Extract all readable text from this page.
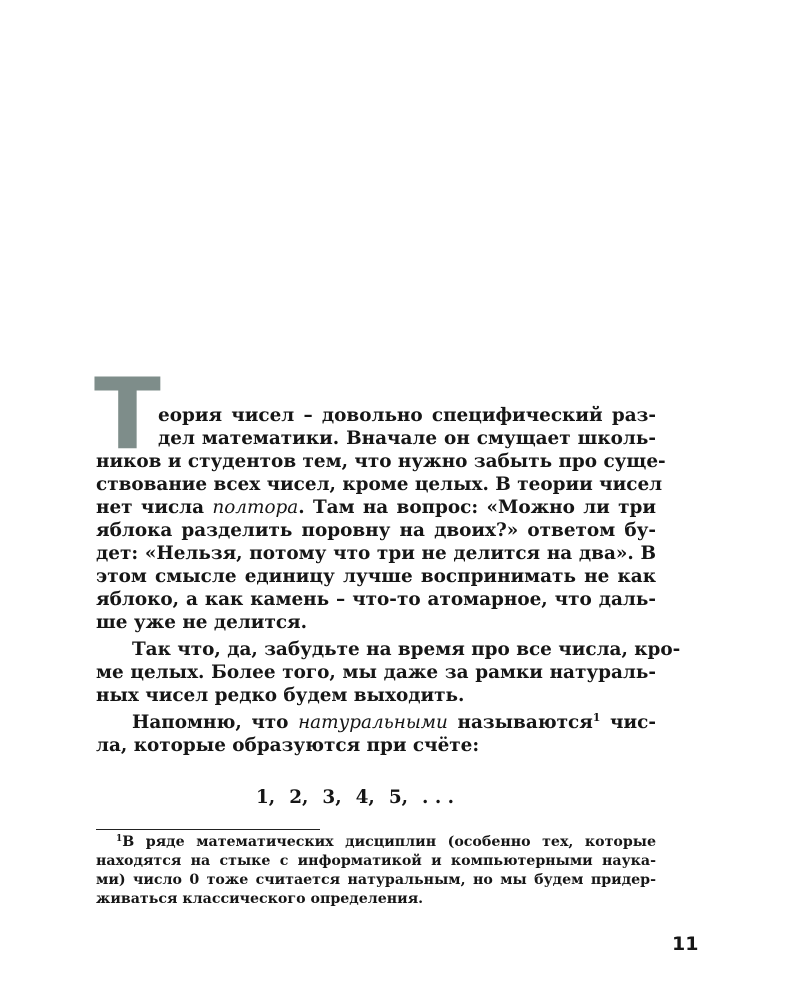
Т
еория чисел – довольно специфический раз-
дел математики. Вначале он смущает школь-
ников и студентов тем, что нужно забыть про суще-
ствование всех чисел, кроме целых. В теории чисел
нет числа полтора. Там на вопрос: «Можно ли три
яблока разделить поровну на двоих?» ответом бу-
дет: «Нельзя, потому что три не делится на два». В
этом смысле единицу лучше воспринимать не как
яблоко, а как камень – что-то атомарное, что даль-
ше уже не делится.
Так что, да, забудьте на время про все числа, кро-
ме целых. Более того, мы даже за рамки натураль-
ных чисел редко будем выходить.
Напомню, что натуральными называются$^1$ чис-
ла, которые образуются при счёте:
1, 2, 3, 4, 5, . . .
$^1$В ряде математических дисциплин (особенно тех, которые
находятся на стыке с информатикой и компьютерными наука-
ми) число 0 тоже считается натуральным, но мы будем придер-
живаться классического определения.
11
